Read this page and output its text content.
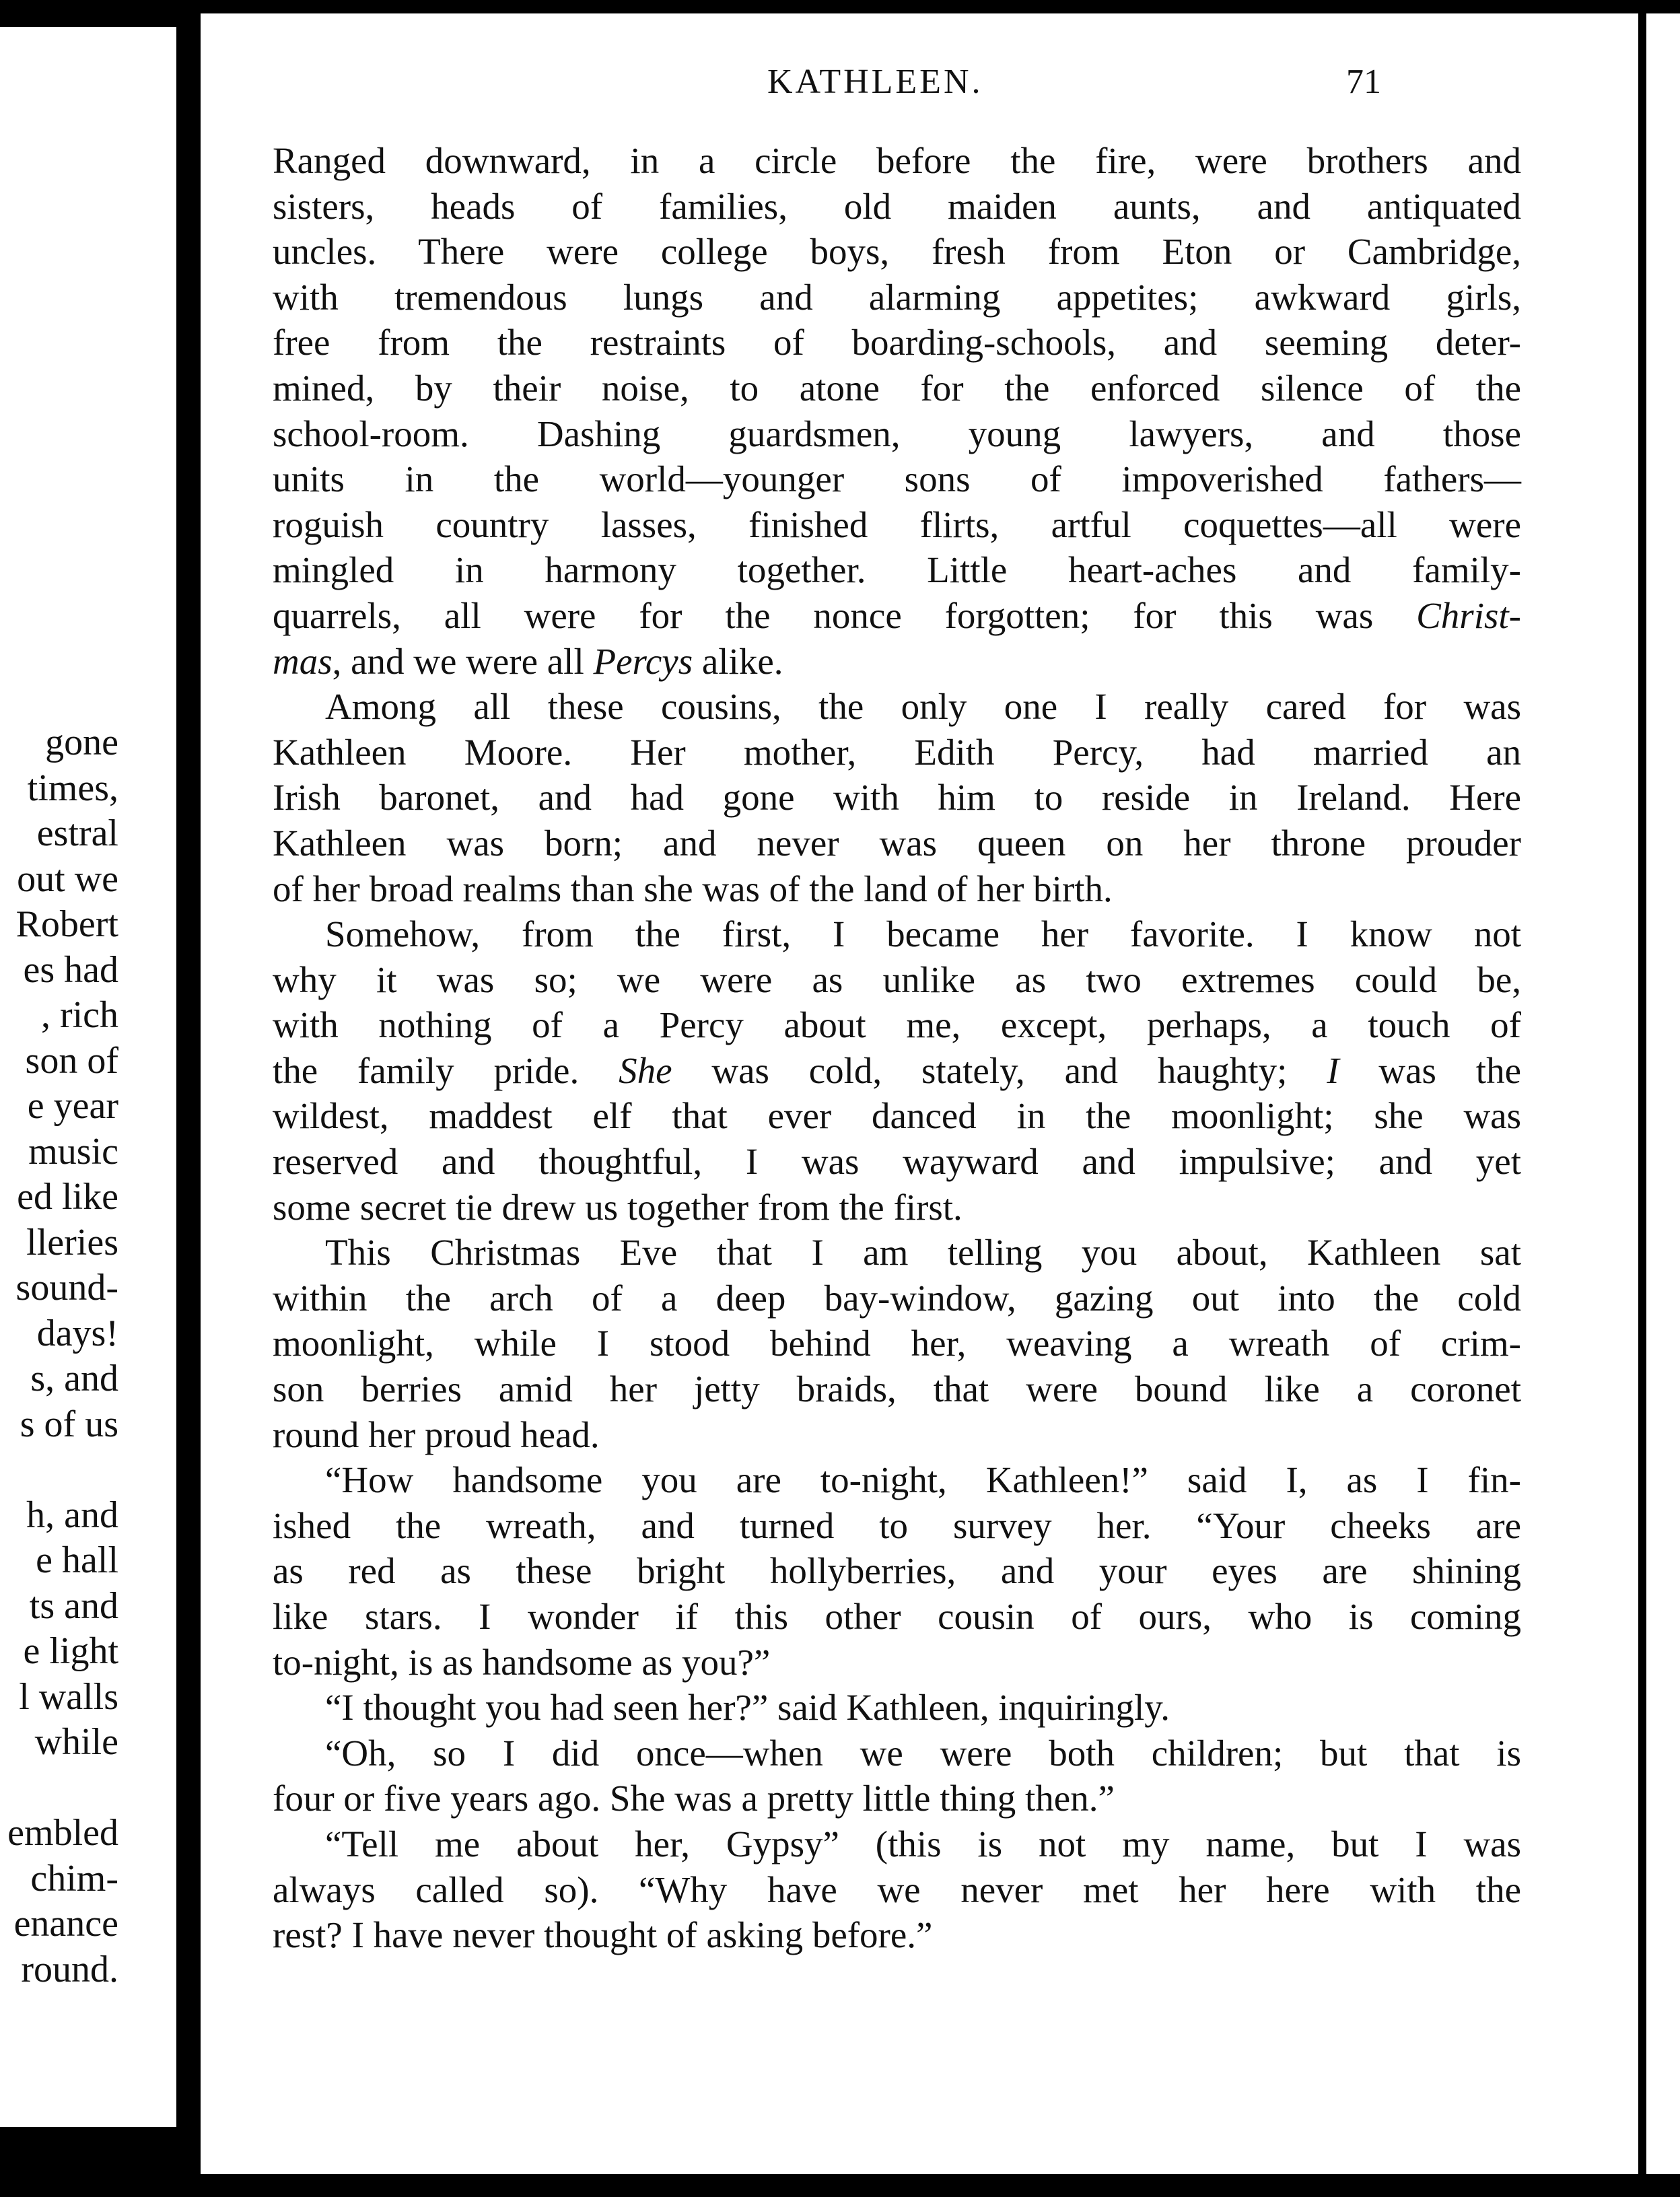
gone
times,
estral
out we
Robert
es had
, rich
son of
e year
music
ed like
lleries
sound-
days!
s, and
s of us
h, and
e hall
ts and
e light
l walls
while
embled
chim-
enance
round.
KATHLEEN.	71
Ranged downward, in a circle before the fire, were brothers and
sisters, heads of families, old maiden aunts, and antiquated
uncles. There were college boys, fresh from Eton or Cambridge,
with tremendous lungs and alarming appetites; awkward girls,
free from the restraints of boarding-schools, and seeming deter-
mined, by their noise, to atone for the enforced silence of the
school-room. Dashing guardsmen, young lawyers, and those
units in the world—younger sons of impoverished fathers—
roguish country lasses, finished flirts, artful coquettes—all were
mingled in harmony together. Little heart-aches and family-
quarrels, all were for the nonce forgotten; for this was Christ-
mas, and we were all Percys alike.
Among all these cousins, the only one I really cared for was
Kathleen Moore. Her mother, Edith Percy, had married an
Irish baronet, and had gone with him to reside in Ireland. Here
Kathleen was born; and never was queen on her throne prouder
of her broad realms than she was of the land of her birth.
Somehow, from the first, I became her favorite. I know not
why it was so; we were as unlike as two extremes could be,
with nothing of a Percy about me, except, perhaps, a touch of
the family pride. She was cold, stately, and haughty; I was the
wildest, maddest elf that ever danced in the moonlight; she was
reserved and thoughtful, I was wayward and impulsive; and yet
some secret tie drew us together from the first.
This Christmas Eve that I am telling you about, Kathleen sat
within the arch of a deep bay-window, gazing out into the cold
moonlight, while I stood behind her, weaving a wreath of crim-
son berries amid her jetty braids, that were bound like a coronet
round her proud head.
“How handsome you are to-night, Kathleen!” said I, as I fin-
ished the wreath, and turned to survey her. “Your cheeks are
as red as these bright hollyberries, and your eyes are shining
like stars. I wonder if this other cousin of ours, who is coming
to-night, is as handsome as you?”
“I thought you had seen her?” said Kathleen, inquiringly.
“Oh, so I did once—when we were both children; but that is
four or five years ago. She was a pretty little thing then.”
“Tell me about her, Gypsy” (this is not my name, but I was
always called so). “Why have we never met her here with the
rest? I have never thought of asking before.”
